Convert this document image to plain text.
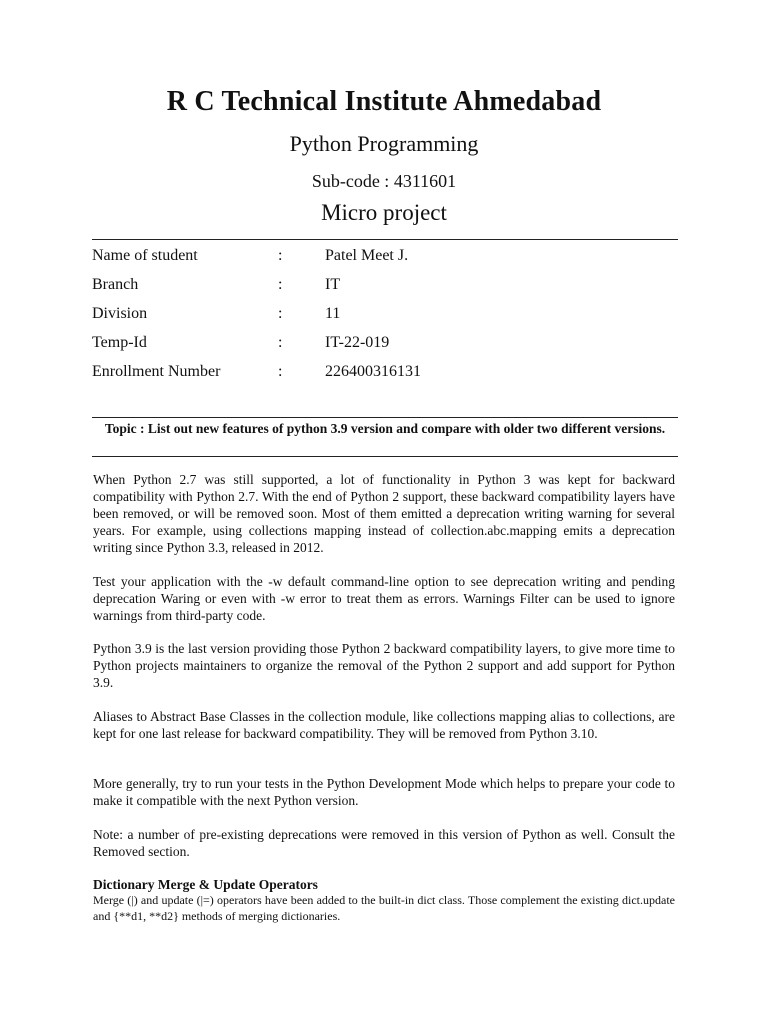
R C Technical Institute Ahmedabad
Python Programming
Sub-code : 4311601
Micro project
Name of student	:	Patel Meet J.
Branch	:	IT
Division	:	11
Temp-Id	:	IT-22-019
Enrollment Number	:	226400316131
Topic : List out new features of python 3.9 version and compare with older two different versions.

When Python 2.7 was still supported, a lot of functionality in Python 3 was kept for backward compatibility with Python 2.7. With the end of Python 2 support, these backward compatibility layers have been removed, or will be removed soon. Most of them emitted a deprecation writing warning for several years. For example, using collections mapping instead of collection.abc.mapping emits a deprecation writing since Python 3.3, released in 2012.

Test your application with the -w default command-line option to see deprecation writing and pending deprecation Waring or even with -w error to treat them as errors. Warnings Filter can be used to ignore warnings from third-party code.

Python 3.9 is the last version providing those Python 2 backward compatibility layers, to give more time to Python projects maintainers to organize the removal of the Python 2 support and add support for Python 3.9.

Aliases to Abstract Base Classes in the collection module, like collections mapping alias to collections, are kept for one last release for backward compatibility. They will be removed from Python 3.10.

More generally, try to run your tests in the Python Development Mode which helps to prepare your code to make it compatible with the next Python version.

Note: a number of pre-existing deprecations were removed in this version of Python as well. Consult the Removed section.

Dictionary Merge & Update Operators

Merge (|) and update (|=) operators have been added to the built-in dict class. Those complement the existing dict.update and {**d1, **d2} methods of merging dictionaries.
